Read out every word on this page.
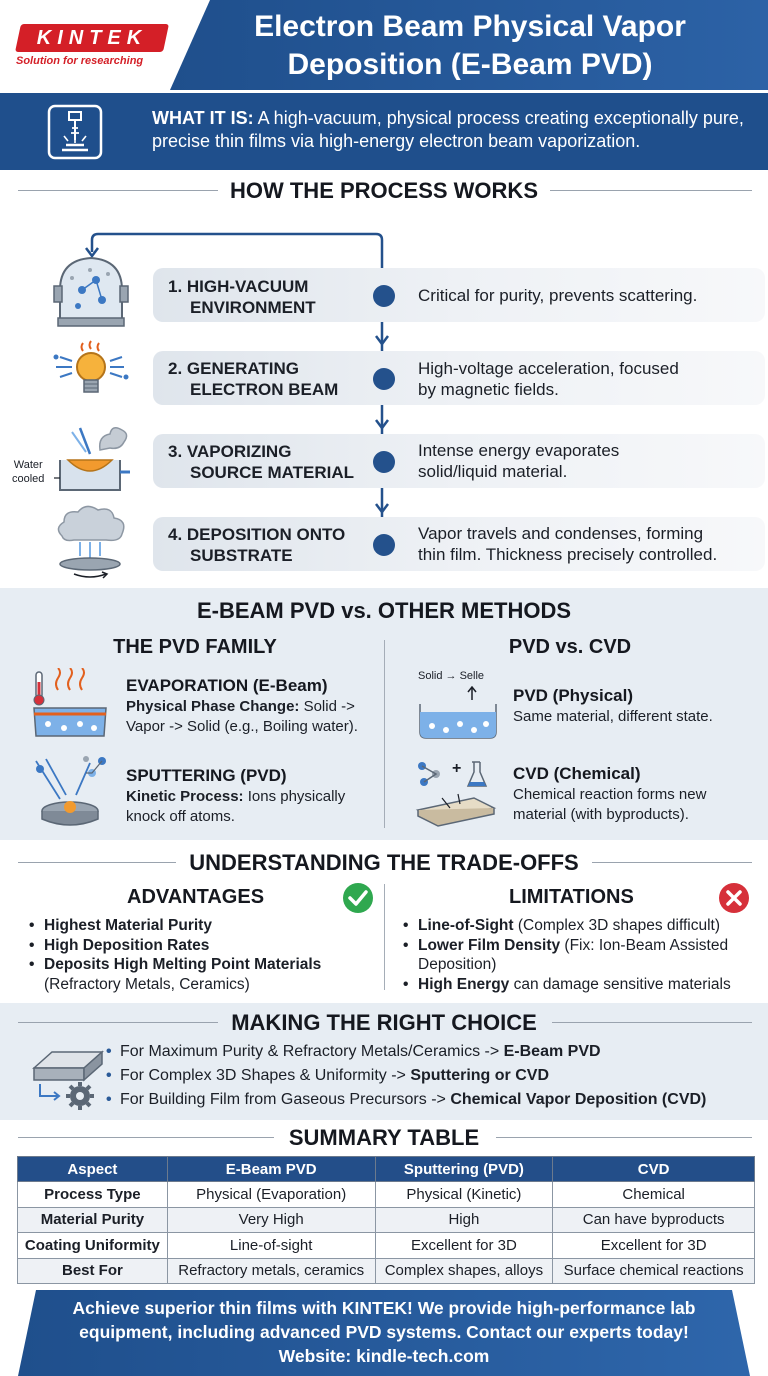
KINTEK
Solution for researching
Electron Beam Physical Vapor
Deposition (E-Beam PVD)
WHAT IT IS: A high-vacuum, physical process creating exceptionally pure, precise thin films via high-energy electron beam vaporization.
HOW THE PROCESS WORKS
1. HIGH-VACUUM
ENVIRONMENT
Critical for purity, prevents scattering.
2. GENERATING
ELECTRON BEAM
High-voltage acceleration, focused
by magnetic fields.
Water
cooled
3. VAPORIZING
SOURCE MATERIAL
Intense energy evaporates
solid/liquid material.
4. DEPOSITION ONTO
SUBSTRATE
Vapor travels and condenses, forming
thin film. Thickness precisely controlled.
E-BEAM PVD vs. OTHER METHODS
THE PVD FAMILY	PVD vs. CVD
EVAPORATION (E-Beam)
Physical Phase Change: Solid ->
Vapor -> Solid (e.g., Boiling water).
SPUTTERING (PVD)
Kinetic Process: Ions physically
knock off atoms.
Solid → Selle
PVD (Physical)
Same material, different state.
+	CVD (Chemical)
Chemical reaction forms new
material (with byproducts).
UNDERSTANDING THE TRADE-OFFS
ADVANTAGES
• Highest Material Purity
• High Deposition Rates
• Deposits High Melting Point Materials
(Refractory Metals, Ceramics)
LIMITATIONS
• Line-of-Sight (Complex 3D shapes difficult)
• Lower Film Density (Fix: Ion-Beam Assisted
Deposition)
• High Energy can damage sensitive materials
MAKING THE RIGHT CHOICE
• For Maximum Purity & Refractory Metals/Ceramics -> E-Beam PVD
• For Complex 3D Shapes & Uniformity -> Sputtering or CVD
• For Building Film from Gaseous Precursors -> Chemical Vapor Deposition (CVD)
SUMMARY TABLE
Aspect	E-Beam PVD	Sputtering (PVD)	CVD
Process Type	Physical (Evaporation)	Physical (Kinetic)	Chemical
Material Purity	Very High	High	Can have byproducts
Coating Uniformity	Line-of-sight	Excellent for 3D	Excellent for 3D
Best For	Refractory metals, ceramics	Complex shapes, alloys	Surface chemical reactions
Achieve superior thin films with KINTEK! We provide high-performance lab
equipment, including advanced PVD systems. Contact our experts today!
Website: kindle-tech.com
